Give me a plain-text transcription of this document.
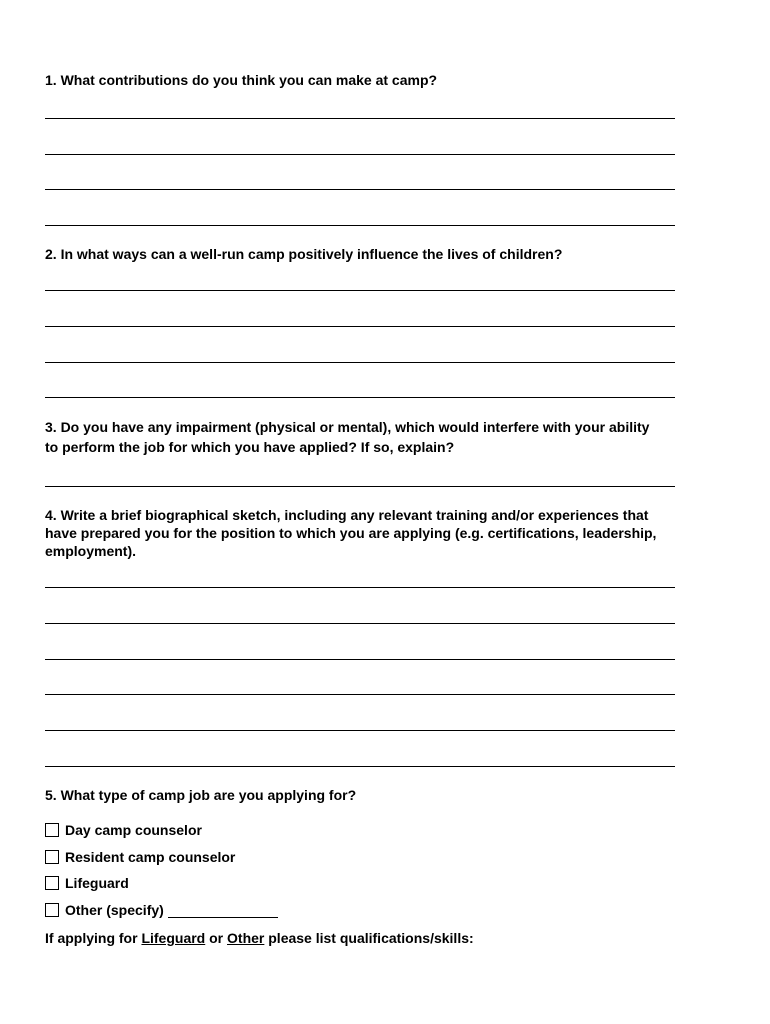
1. What contributions do you think you can make at camp?
2. In what ways can a well-run camp positively influence the lives of children?
3. Do you have any impairment (physical or mental), which would interfere with your ability to perform the job for which you have applied? If so, explain?
4. Write a brief biographical sketch, including any relevant training and/or experiences that have prepared you for the position to which you are applying (e.g. certifications, leadership, employment).
5. What type of camp job are you applying for?
Day camp counselor
Resident camp counselor
Lifeguard
Other (specify)
If applying for Lifeguard or Other please list qualifications/skills:
